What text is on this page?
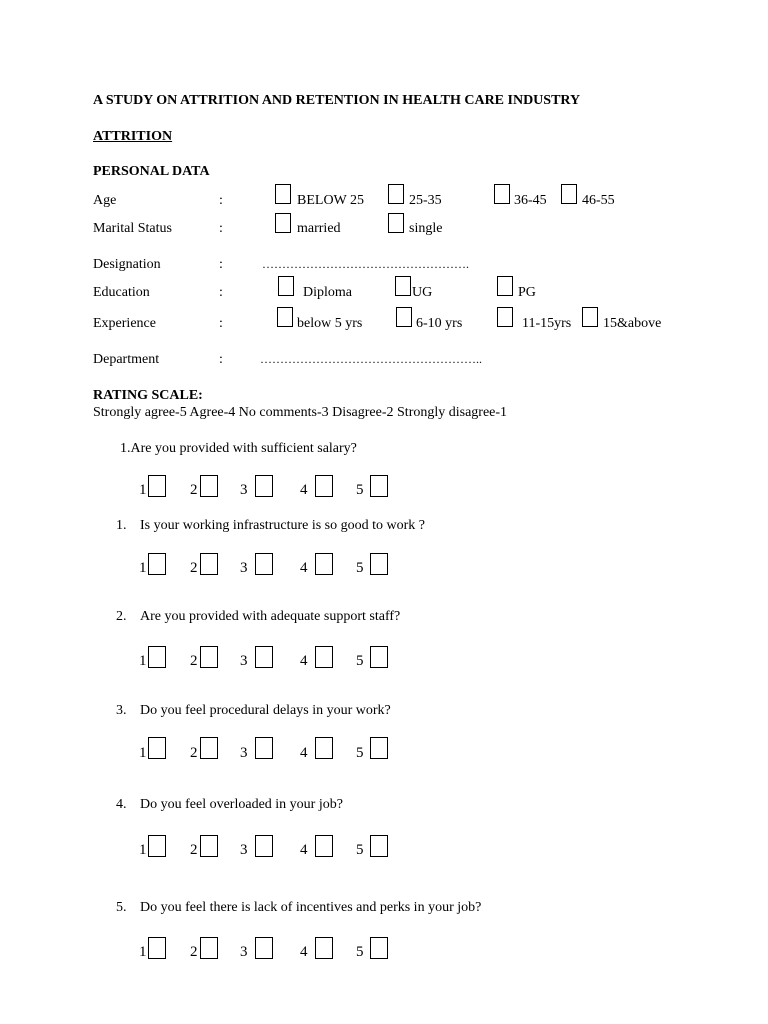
A STUDY ON ATTRITION AND RETENTION IN HEALTH CARE INDUSTRY
ATTRITION
PERSONAL DATA
Age	:	BELOW 25	25-35	36-45	46-55
Marital Status	:	married	single
Designation	:	…………………………………………….
Education	:	Diploma	UG	PG
Experience	:	below 5 yrs	6-10 yrs	11-15yrs 15&above
Department	:	………………………………………………..
RATING SCALE:
Strongly agree-5 Agree-4 No comments-3 Disagree-2 Strongly disagree-1
1.Are you provided with sufficient salary?
1	2	3	4	5
1. Is your working infrastructure is so good to work ?
1	2	3	4	5
2. Are you provided with adequate support staff?
1	2	3	4	5
3. Do you feel procedural delays in your work?
1	2	3	4	5
4. Do you feel overloaded in your job?
1	2	3	4	5
5. Do you feel there is lack of incentives and perks in your job?
1	2	3	4	5
